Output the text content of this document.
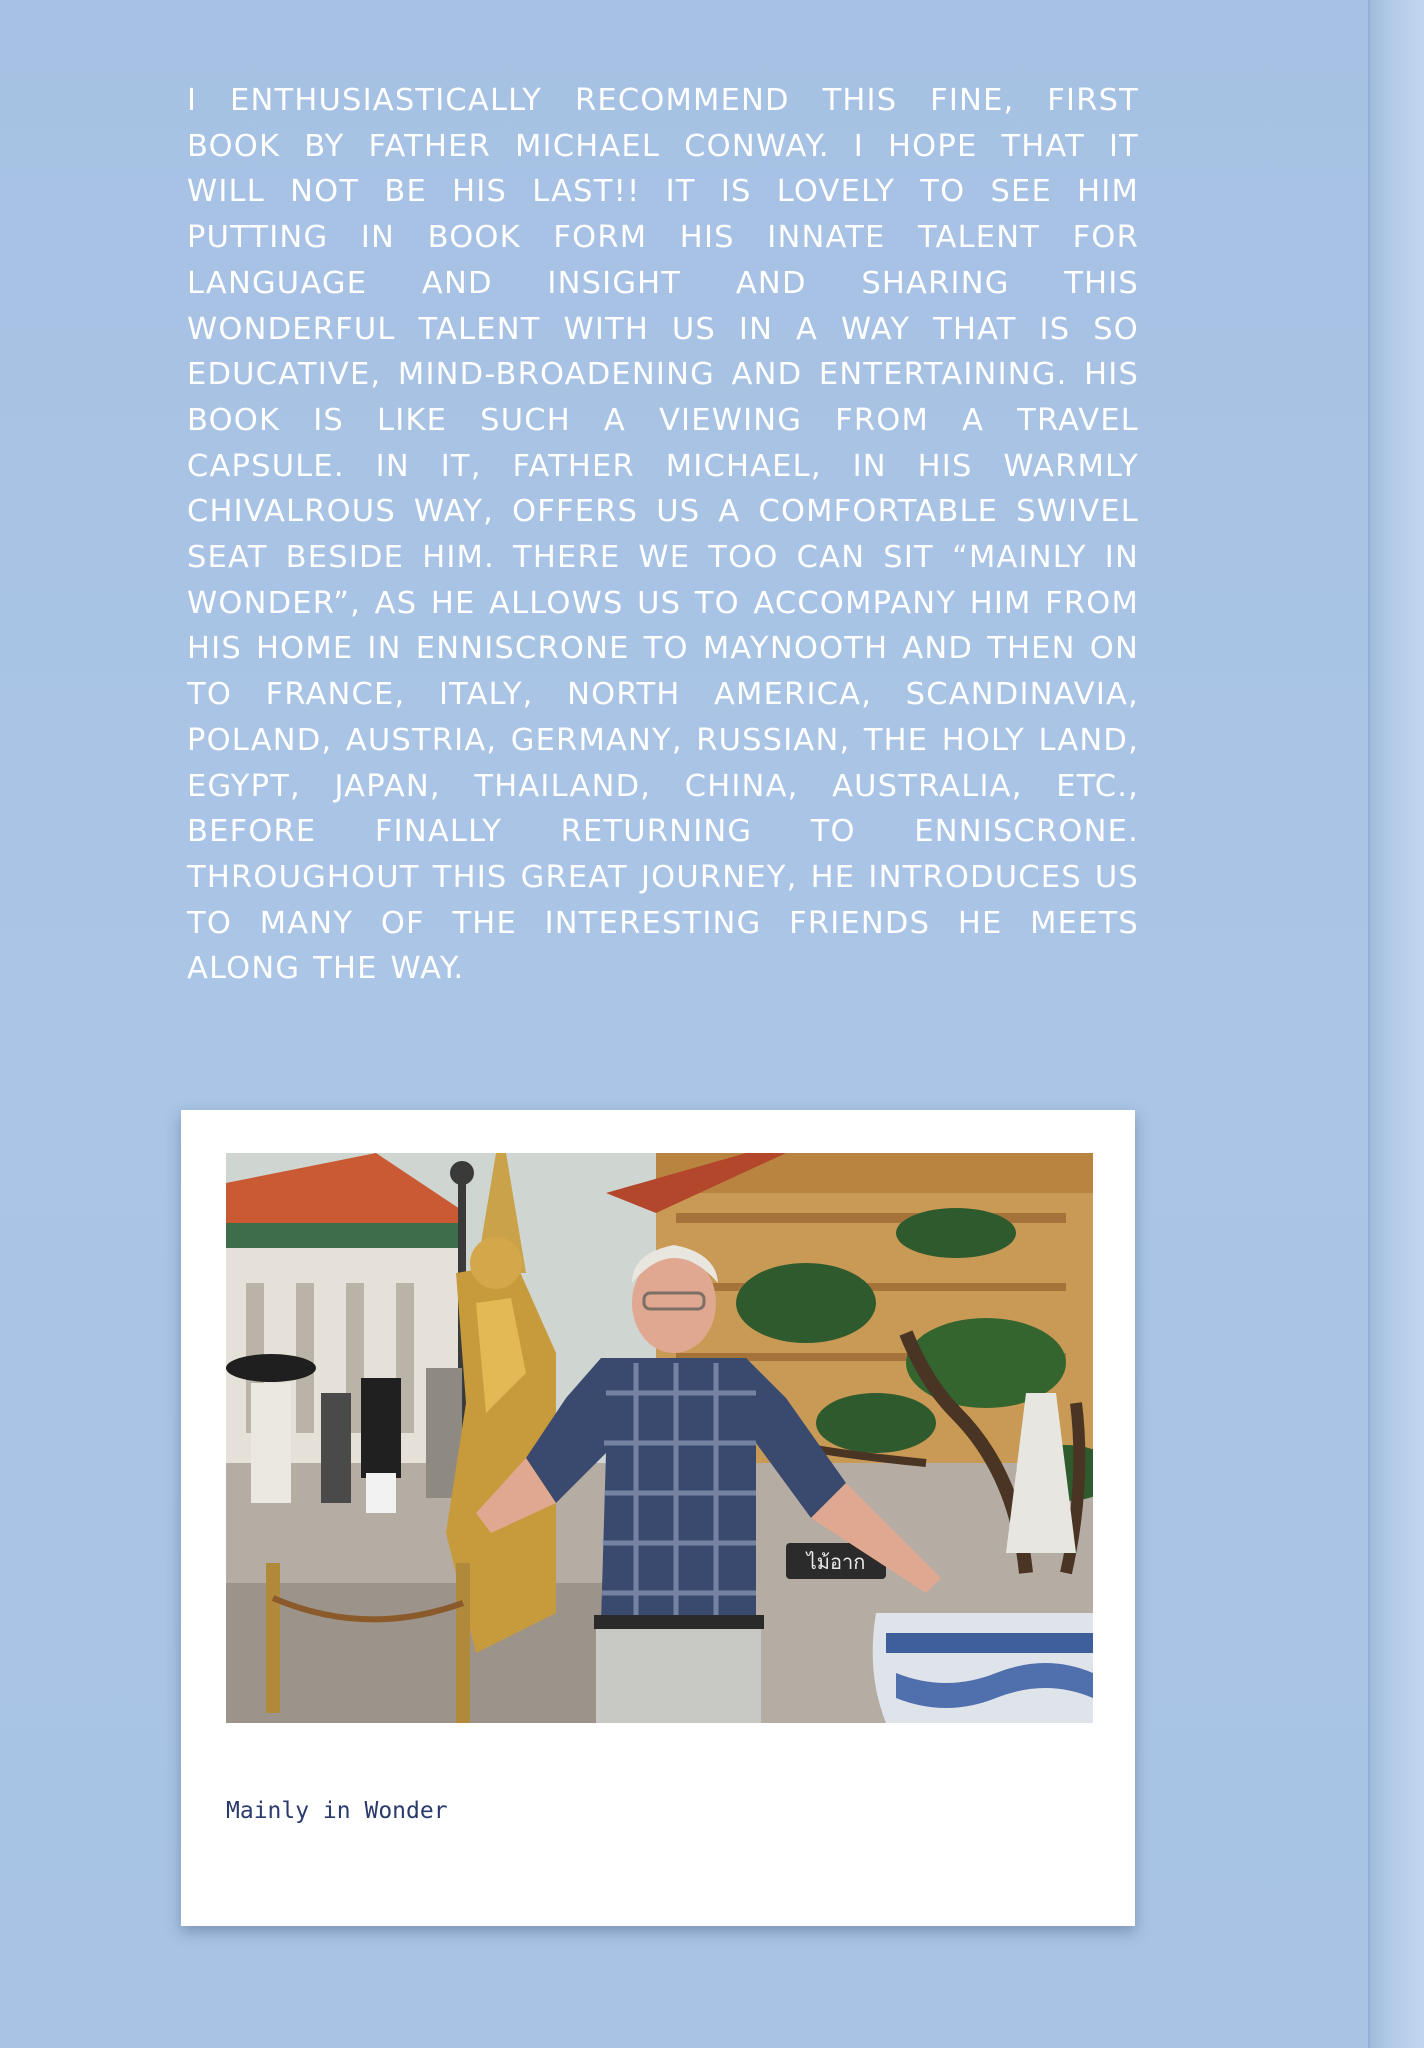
I ENTHUSIASTICALLY RECOMMEND THIS FINE, FIRST BOOK BY FATHER MICHAEL CONWAY. I HOPE THAT IT WILL NOT BE HIS LAST!! IT IS LOVELY TO SEE HIM PUTTING IN BOOK FORM HIS INNATE TALENT FOR LANGUAGE AND INSIGHT AND SHARING THIS WONDERFUL TALENT WITH US IN A WAY THAT IS SO EDUCATIVE, MIND-BROADENING AND ENTERTAINING. HIS BOOK IS LIKE SUCH A VIEWING FROM A TRAVEL CAPSULE. IN IT, FATHER MICHAEL, IN HIS WARMLY CHIVALROUS WAY, OFFERS US A COMFORTABLE SWIVEL SEAT BESIDE HIM. THERE WE TOO CAN SIT “MAINLY IN WONDER”, AS HE ALLOWS US TO ACCOMPANY HIM FROM HIS HOME IN ENNISCRONE TO MAYNOOTH AND THEN ON TO FRANCE, ITALY, NORTH AMERICA, SCANDINAVIA, POLAND, AUSTRIA, GERMANY, RUSSIAN, THE HOLY LAND, EGYPT, JAPAN, THAILAND, CHINA, AUSTRALIA, ETC., BEFORE FINALLY RETURNING TO ENNISCRONE. THROUGHOUT THIS GREAT JOURNEY, HE INTRODUCES US TO MANY OF THE INTERESTING FRIENDS HE MEETS ALONG THE WAY.

ไม้อาก
Mainly in Wonder
